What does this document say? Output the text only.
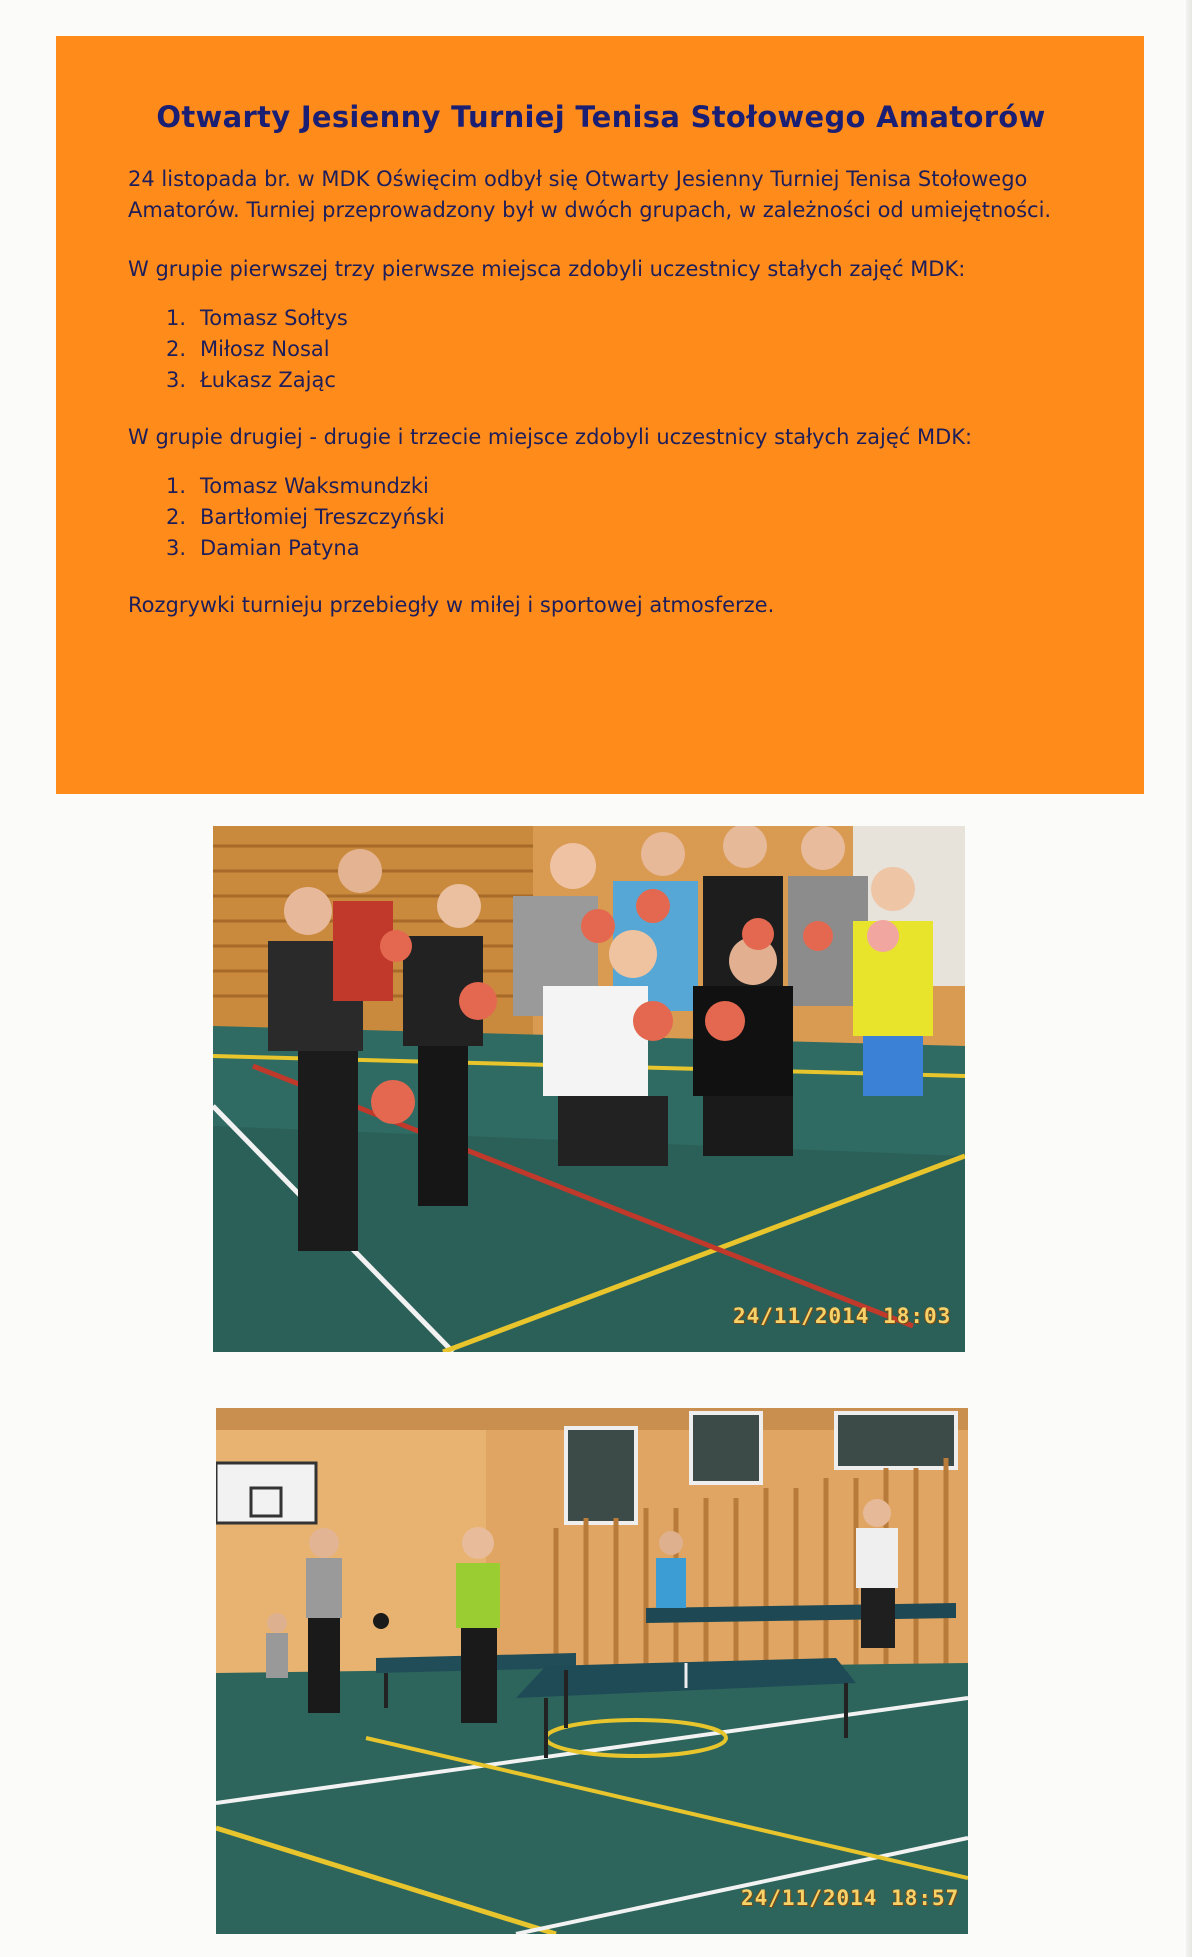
Otwarty Jesienny Turniej Tenisa Stołowego Amatorów

24 listopada br. w MDK Oświęcim odbył się Otwarty Jesienny Turniej Tenisa Stołowego Amatorów. Turniej przeprowadzony był w dwóch grupach, w zależności od umiejętności.

W grupie pierwszej trzy pierwsze miejsca zdobyli uczestnicy stałych zajęć MDK:

1. Tomasz Sołtys
2. Miłosz Nosal
3. Łukasz Zając

W grupie drugiej - drugie i trzecie miejsce zdobyli uczestnicy stałych zajęć MDK:

1. Tomasz Waksmundzki
2. Bartłomiej Treszczyński
3. Damian Patyna

Rozgrywki turnieju przebiegły w miłej i sportowej atmosferze.

24/11/2014 18:03
24/11/2014 18:57
